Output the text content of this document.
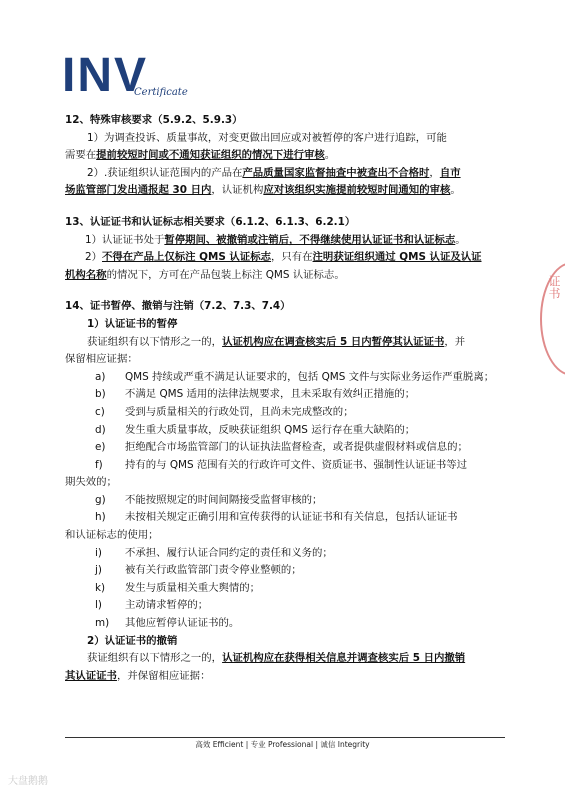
INV
Certificate
证书

12、特殊审核要求（5.9.2、5.9.3）

1）为调查投诉、质量事故，对变更做出回应或对被暂停的客户进行追踪，可能

需要在提前较短时间或不通知获证组织的情况下进行审核。

2）.获证组织认证范围内的产品在产品质量国家监督抽查中被查出不合格时，自市

场监管部门发出通报起 30 日内，认证机构应对该组织实施提前较短时间通知的审核。

13、认证证书和认证标志相关要求（6.1.2、6.1.3、6.2.1）

1）认证证书处于暂停期间、被撤销或注销后，不得继续使用认证证书和认证标志。

2）不得在产品上仅标注 QMS 认证标志，只有在注明获证组织通过 QMS 认证及认证

机构名称的情况下，方可在产品包装上标注 QMS 认证标志。

14、证书暂停、撤销与注销（7.2、7.3、7.4）

1）认证证书的暂停

获证组织有以下情形之一的，认证机构应在调查核实后 5 日内暂停其认证证书，并

保留相应证据：

a) QMS 持续或严重不满足认证要求的，包括 QMS 文件与实际业务运作严重脱离；

b) 不满足 QMS 适用的法律法规要求，且未采取有效纠正措施的；

c) 受到与质量相关的行政处罚，且尚未完成整改的；

d) 发生重大质量事故，反映获证组织 QMS 运行存在重大缺陷的；

e) 拒绝配合市场监管部门的认证执法监督检查，或者提供虚假材料或信息的；

f) 持有的与 QMS 范围有关的行政许可文件、资质证书、强制性认证证书等过

期失效的；

g) 不能按照规定的时间间隔接受监督审核的；

h) 未按相关规定正确引用和宣传获得的认证证书和有关信息，包括认证证书

和认证标志的使用；

i) 不承担、履行认证合同约定的责任和义务的；

j) 被有关行政监管部门责令停业整顿的；

k) 发生与质量相关重大舆情的；

l) 主动请求暂停的；

m) 其他应暂停认证证书的。

2）认证证书的撤销

获证组织有以下情形之一的，认证机构应在获得相关信息并调查核实后 5 日内撤销

其认证证书，并保留相应证据：

高效 Efficient | 专业 Professional | 诚信 Integrity
大盘鹅鹅
